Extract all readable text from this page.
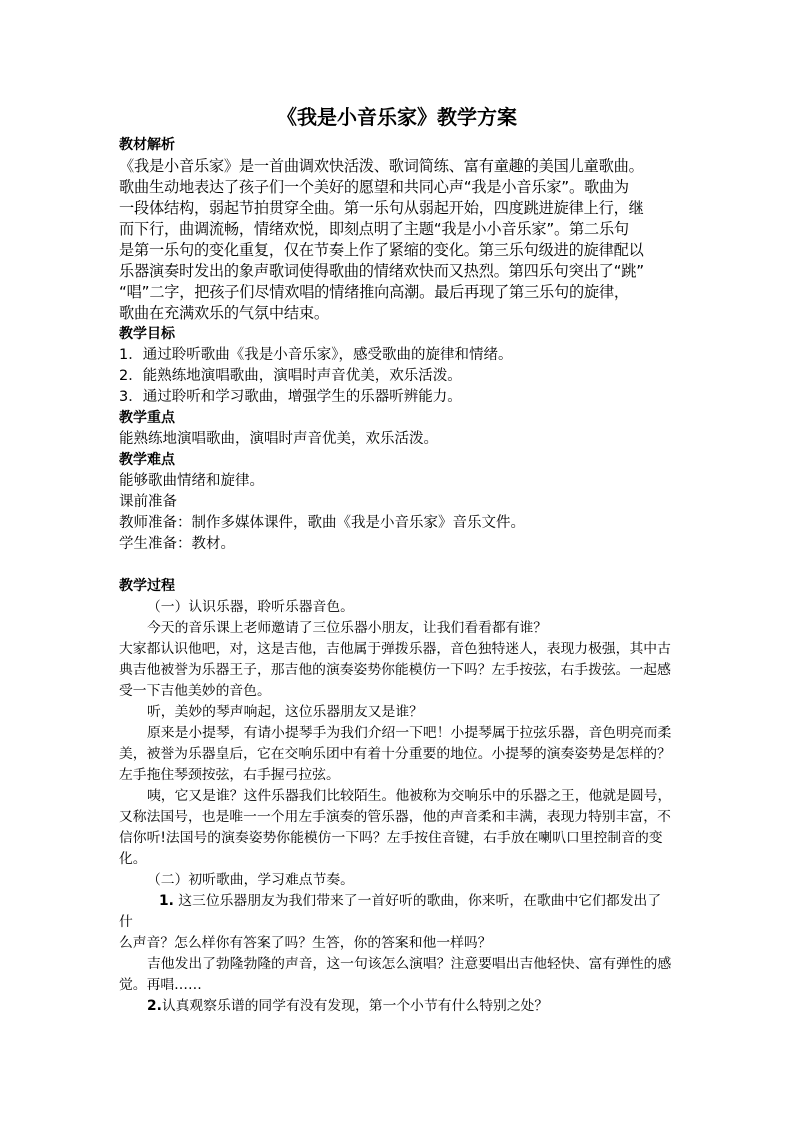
《我是小音乐家》教学方案

教材解析

《我是小音乐家》是一首曲调欢快活泼、歌词简练、富有童趣的美国儿童歌曲。

歌曲生动地表达了孩子们一个美好的愿望和共同心声“我是小音乐家”。歌曲为

一段体结构，弱起节拍贯穿全曲。第一乐句从弱起开始，四度跳进旋律上行，继

而下行，曲调流畅，情绪欢悦，即刻点明了主题“我是小小音乐家”。第二乐句

是第一乐句的变化重复，仅在节奏上作了紧缩的变化。第三乐句级进的旋律配以

乐器演奏时发出的象声歌词使得歌曲的情绪欢快而又热烈。第四乐句突出了“跳”

“唱”二字，把孩子们尽情欢唱的情绪推向高潮。最后再现了第三乐句的旋律，

歌曲在充满欢乐的气氛中结束。

教学目标

1．通过聆听歌曲《我是小音乐家》，感受歌曲的旋律和情绪。

2．能熟练地演唱歌曲，演唱时声音优美，欢乐活泼。

3．通过聆听和学习歌曲，增强学生的乐器听辨能力。

教学重点

能熟练地演唱歌曲，演唱时声音优美，欢乐活泼。

教学难点

能够歌曲情绪和旋律。

课前准备

教师准备：制作多媒体课件，歌曲《我是小音乐家》音乐文件。

学生准备：教材。

教学过程

（一）认识乐器，聆听乐器音色。

今天的音乐课上老师邀请了三位乐器小朋友，让我们看看都有谁？

大家都认识他吧，对，这是吉他，吉他属于弹拨乐器，音色独特迷人，表现力极强，其中古

典吉他被誉为乐器王子，那吉他的演奏姿势你能模仿一下吗？左手按弦，右手拨弦。一起感

受一下吉他美妙的音色。

听，美妙的琴声响起，这位乐器朋友又是谁？

原来是小提琴，有请小提琴手为我们介绍一下吧！小提琴属于拉弦乐器，音色明亮而柔

美，被誉为乐器皇后，它在交响乐团中有着十分重要的地位。小提琴的演奏姿势是怎样的？

左手拖住琴颈按弦，右手握弓拉弦。

咦，它又是谁？这件乐器我们比较陌生。他被称为交响乐中的乐器之王，他就是圆号，

又称法国号，也是唯一一个用左手演奏的管乐器，他的声音柔和丰满，表现力特别丰富，不

信你听!法国号的演奏姿势你能模仿一下吗？左手按住音键，右手放在喇叭口里控制音的变

化。

（二）初听歌曲，学习难点节奏。

1. 这三位乐器朋友为我们带来了一首好听的歌曲，你来听，在歌曲中它们都发出了

什

么声音？怎么样你有答案了吗？生答，你的答案和他一样吗？

吉他发出了勃隆勃隆的声音，这一句该怎么演唱？注意要唱出吉他轻快、富有弹性的感

觉。再唱……

2.认真观察乐谱的同学有没有发现，第一个小节有什么特别之处？
